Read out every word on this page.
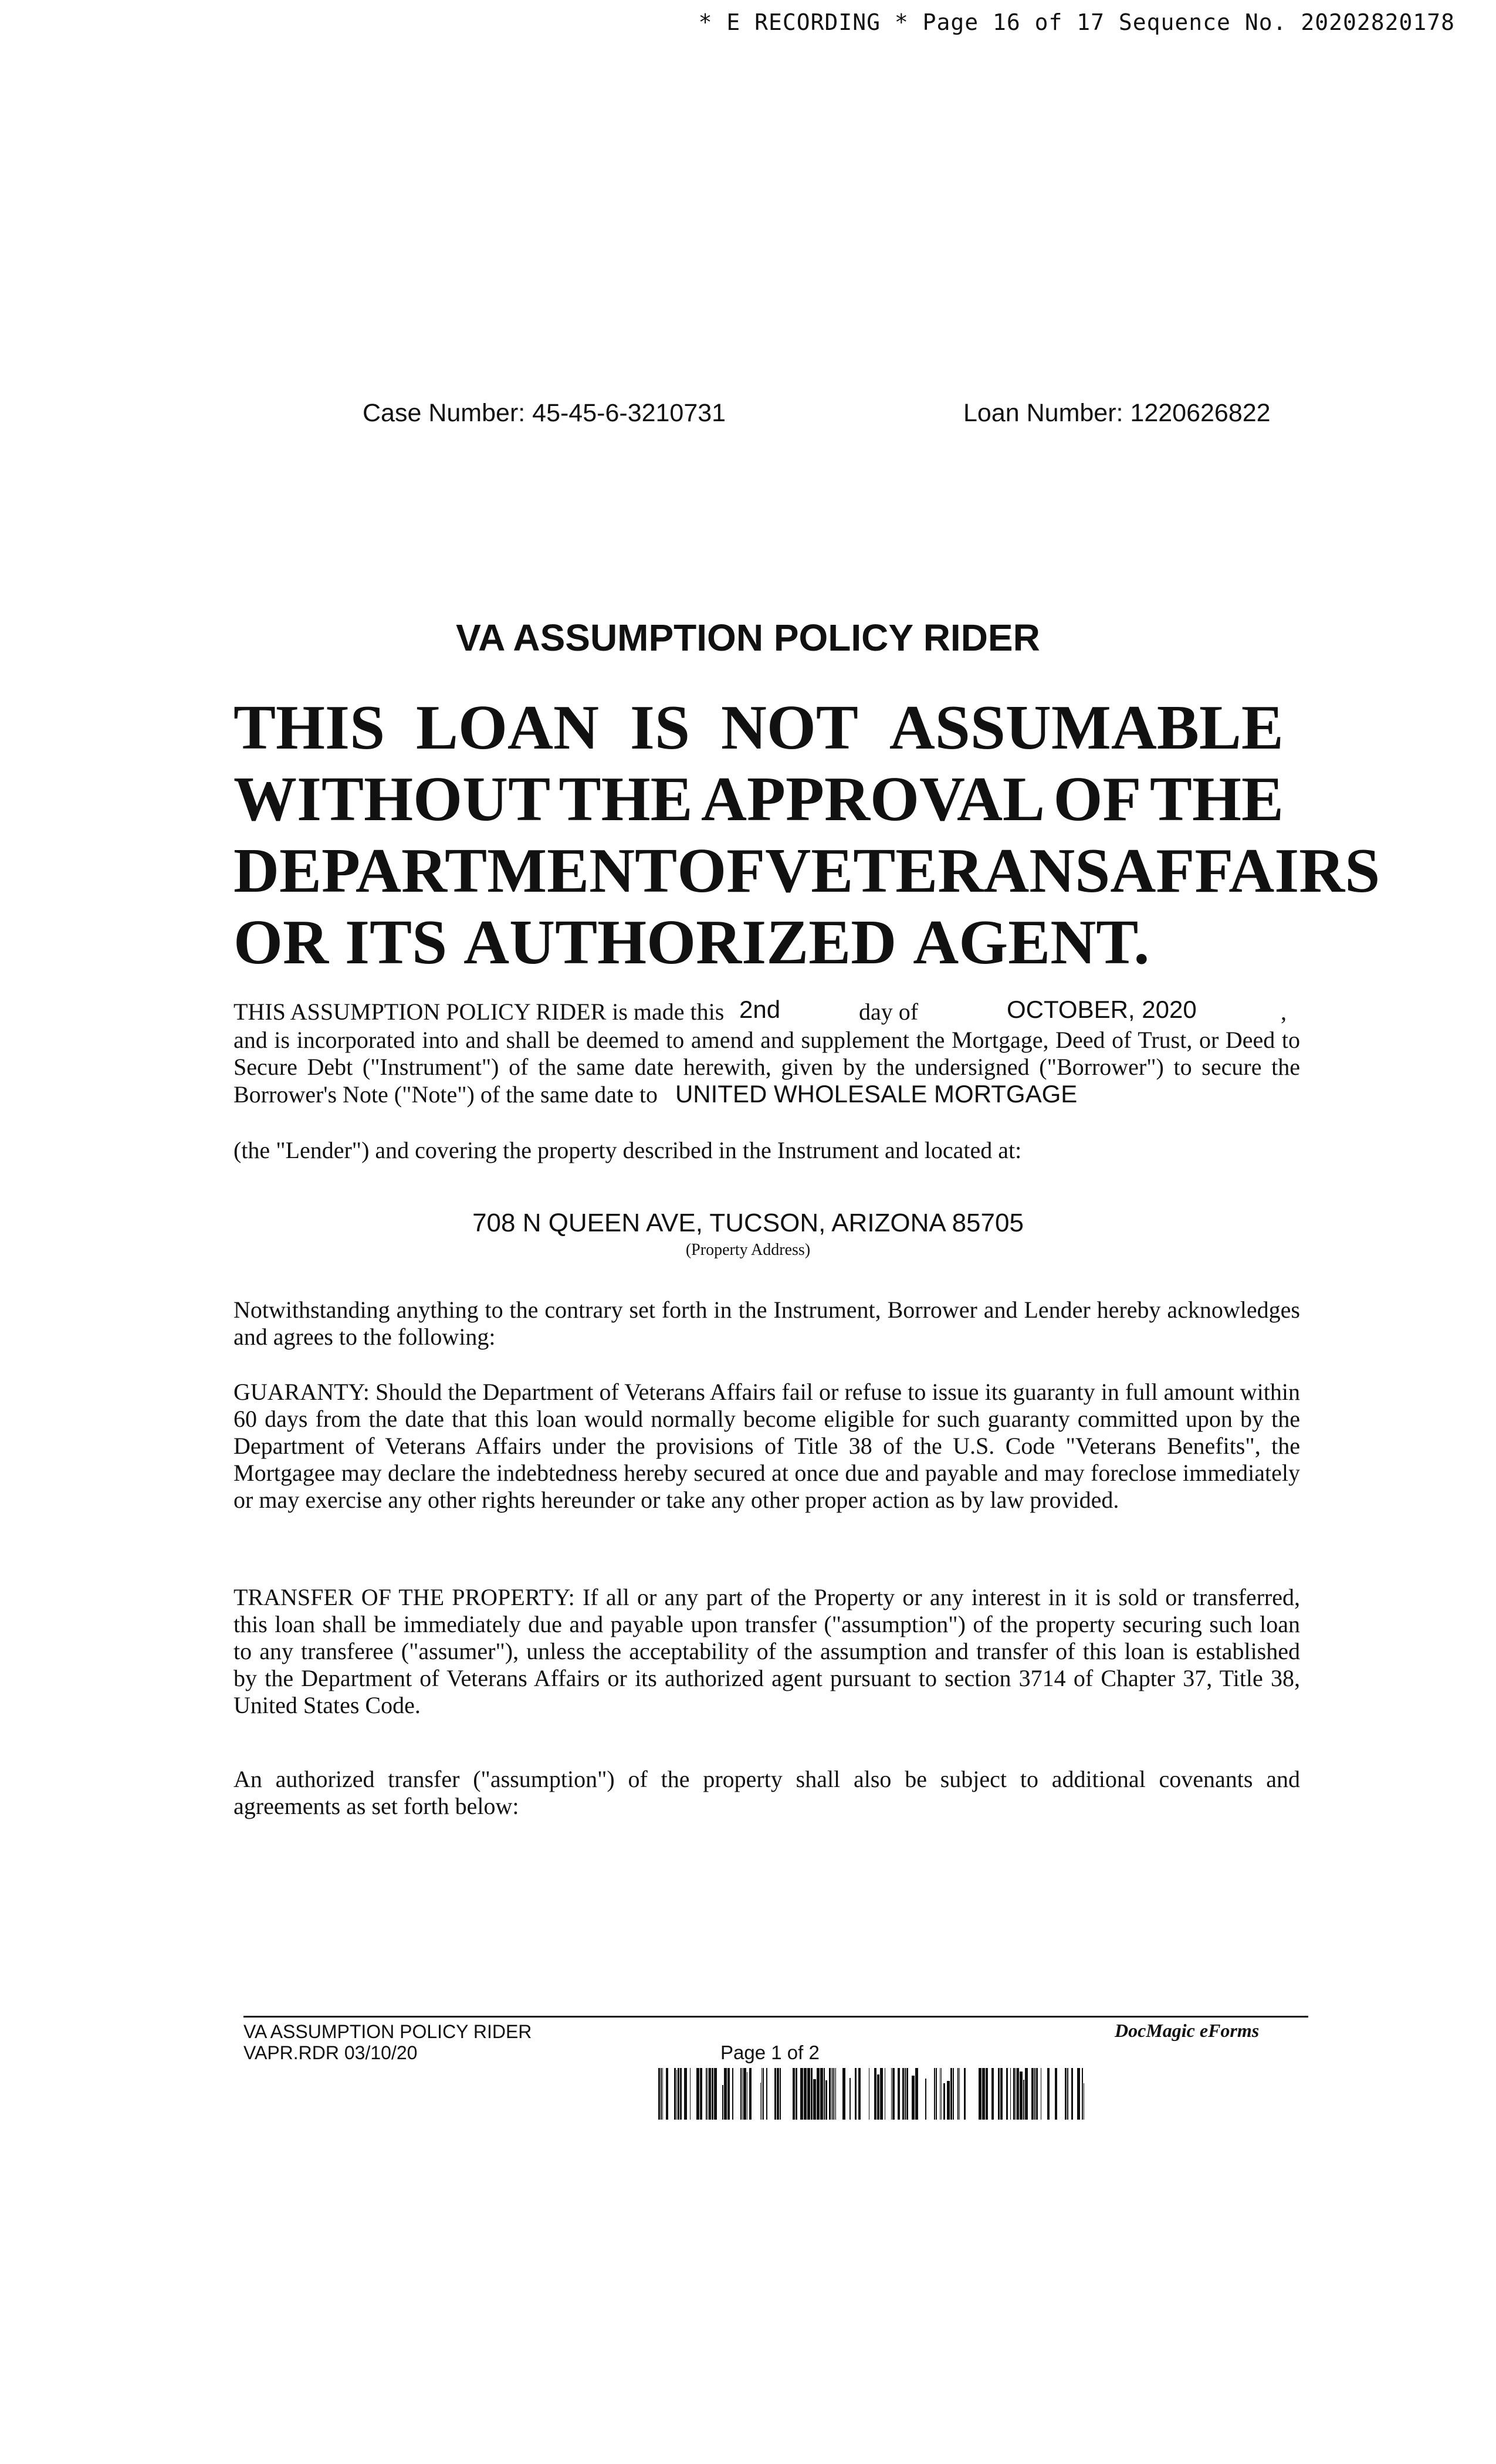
* E RECORDING * Page 16 of 17 Sequence No. 20202820178
Case Number: 45-45-6-3210731	Loan Number: 1220626822
VA ASSUMPTION POLICY RIDER
THIS LOAN IS NOT ASSUMABLE
WITHOUT THE APPROVAL OF THE
DEPARTMENT OF VETERANS AFFAIRS
OR ITS AUTHORIZED AGENT.
THIS ASSUMPTION POLICY RIDER is made this 2nd	day of	OCTOBER, 2020	,
and is incorporated into and shall be deemed to amend and supplement the Mortgage, Deed of Trust, or Deed to Secure Debt ("Instrument") of the same date herewith, given by the undersigned ("Borrower") to secure the Borrower's Note ("Note") of the same date to UNITED WHOLESALE MORTGAGE
(the "Lender") and covering the property described in the Instrument and located at:
708 N QUEEN AVE, TUCSON, ARIZONA 85705
(Property Address)
Notwithstanding anything to the contrary set forth in the Instrument, Borrower and Lender hereby acknowledges and agrees to the following:
GUARANTY: Should the Department of Veterans Affairs fail or refuse to issue its guaranty in full amount within 60 days from the date that this loan would normally become eligible for such guaranty committed upon by the Department of Veterans Affairs under the provisions of Title 38 of the U.S. Code "Veterans Benefits", the Mortgagee may declare the indebtedness hereby secured at once due and payable and may foreclose immediately or may exercise any other rights hereunder or take any other proper action as by law provided.
TRANSFER OF THE PROPERTY: If all or any part of the Property or any interest in it is sold or transferred, this loan shall be immediately due and payable upon transfer ("assumption") of the property securing such loan to any transferee ("assumer"), unless the acceptability of the assumption and transfer of this loan is established by the Department of Veterans Affairs or its authorized agent pursuant to section 3714 of Chapter 37, Title 38, United States Code.
An authorized transfer ("assumption") of the property shall also be subject to additional covenants and agreements as set forth below:
VA ASSUMPTION POLICY RIDER
VAPR.RDR 03/10/20	Page 1 of 2
DocMagic eForms
